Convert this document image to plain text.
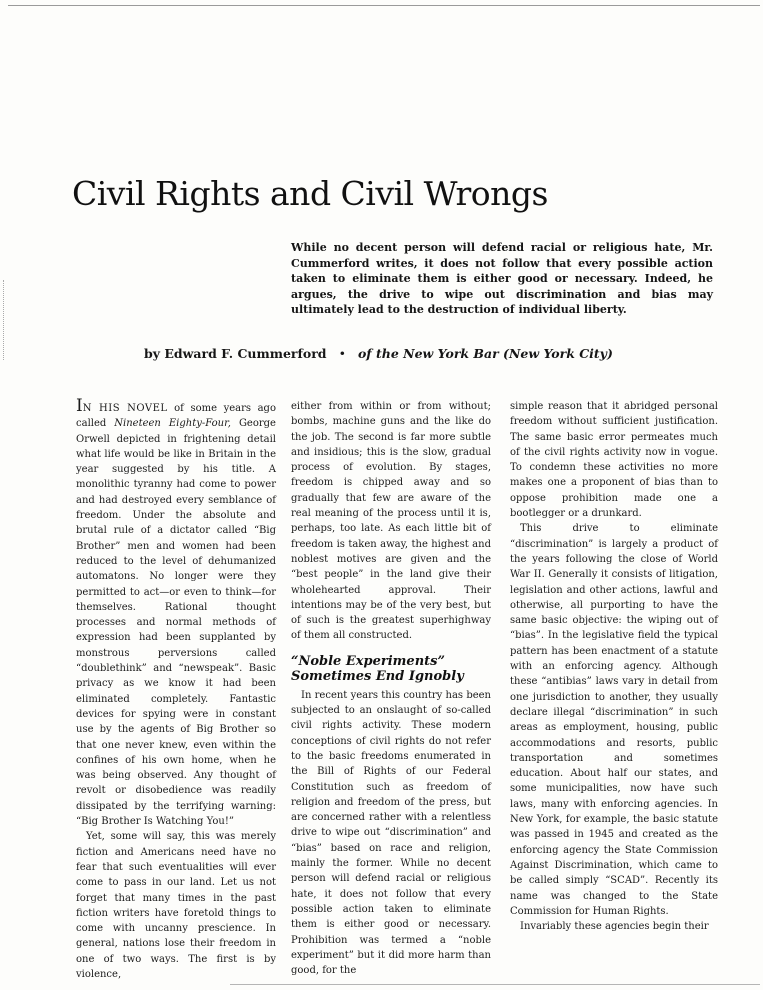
Civil Rights and Civil Wrongs

While no decent person will defend racial or religious hate, Mr. Cummerford writes, it does not follow that every possible action taken to eliminate them is either good or necessary. Indeed, he argues, the drive to wipe out discrimination and bias may ultimately lead to the destruction of individual liberty.

by Edward F. Cummerford • of the New York Bar (New York City)

IN HIS NOVEL of some years ago called Nineteen Eighty-Four, George Orwell depicted in frightening detail what life would be like in Britain in the year suggested by his title. A monolithic tyranny had come to power and had destroyed every semblance of freedom. Under the absolute and brutal rule of a dictator called “Big Brother” men and women had been reduced to the level of dehumanized automatons. No longer were they permitted to act—or even to think—for themselves. Rational thought processes and normal methods of expression had been supplanted by monstrous perversions called “doublethink” and “newspeak”. Basic privacy as we know it had been eliminated completely. Fantastic devices for spying were in constant use by the agents of Big Brother so that one never knew, even within the confines of his own home, when he was being observed. Any thought of revolt or disobedience was readily dissipated by the terrifying warning: “Big Brother Is Watching You!”

Yet, some will say, this was merely fiction and Americans need have no fear that such eventualities will ever come to pass in our land. Let us not forget that many times in the past fiction writers have foretold things to come with uncanny prescience. In general, nations lose their freedom in one of two ways. The first is by violence,

either from within or from without; bombs, machine guns and the like do the job. The second is far more subtle and insidious; this is the slow, gradual process of evolution. By stages, freedom is chipped away and so gradually that few are aware of the real meaning of the process until it is, perhaps, too late. As each little bit of freedom is taken away, the highest and noblest motives are given and the “best people” in the land give their wholehearted approval. Their intentions may be of the very best, but of such is the greatest superhighway of them all constructed.

“Noble Experiments”
Sometimes End Ignobly

In recent years this country has been subjected to an onslaught of so-called civil rights activity. These modern conceptions of civil rights do not refer to the basic freedoms enumerated in the Bill of Rights of our Federal Constitution such as freedom of religion and freedom of the press, but are concerned rather with a relentless drive to wipe out “discrimination” and “bias” based on race and religion, mainly the former. While no decent person will defend racial or religious hate, it does not follow that every possible action taken to eliminate them is either good or necessary. Prohibition was termed a “noble experiment” but it did more harm than good, for the

simple reason that it abridged personal freedom without sufficient justification. The same basic error permeates much of the civil rights activity now in vogue. To condemn these activities no more makes one a proponent of bias than to oppose prohibition made one a bootlegger or a drunkard.

This drive to eliminate “discrimination” is largely a product of the years following the close of World War II. Generally it consists of litigation, legislation and other actions, lawful and otherwise, all purporting to have the same basic objective: the wiping out of “bias”. In the legislative field the typical pattern has been enactment of a statute with an enforcing agency. Although these “antibias” laws vary in detail from one jurisdiction to another, they usually declare illegal “discrimination” in such areas as employment, housing, public accommodations and resorts, public transportation and sometimes education. About half our states, and some municipalities, now have such laws, many with enforcing agencies. In New York, for example, the basic statute was passed in 1945 and created as the enforcing agency the State Commission Against Discrimination, which came to be called simply “SCAD”. Recently its name was changed to the State Commission for Human Rights.

Invariably these agencies begin their
